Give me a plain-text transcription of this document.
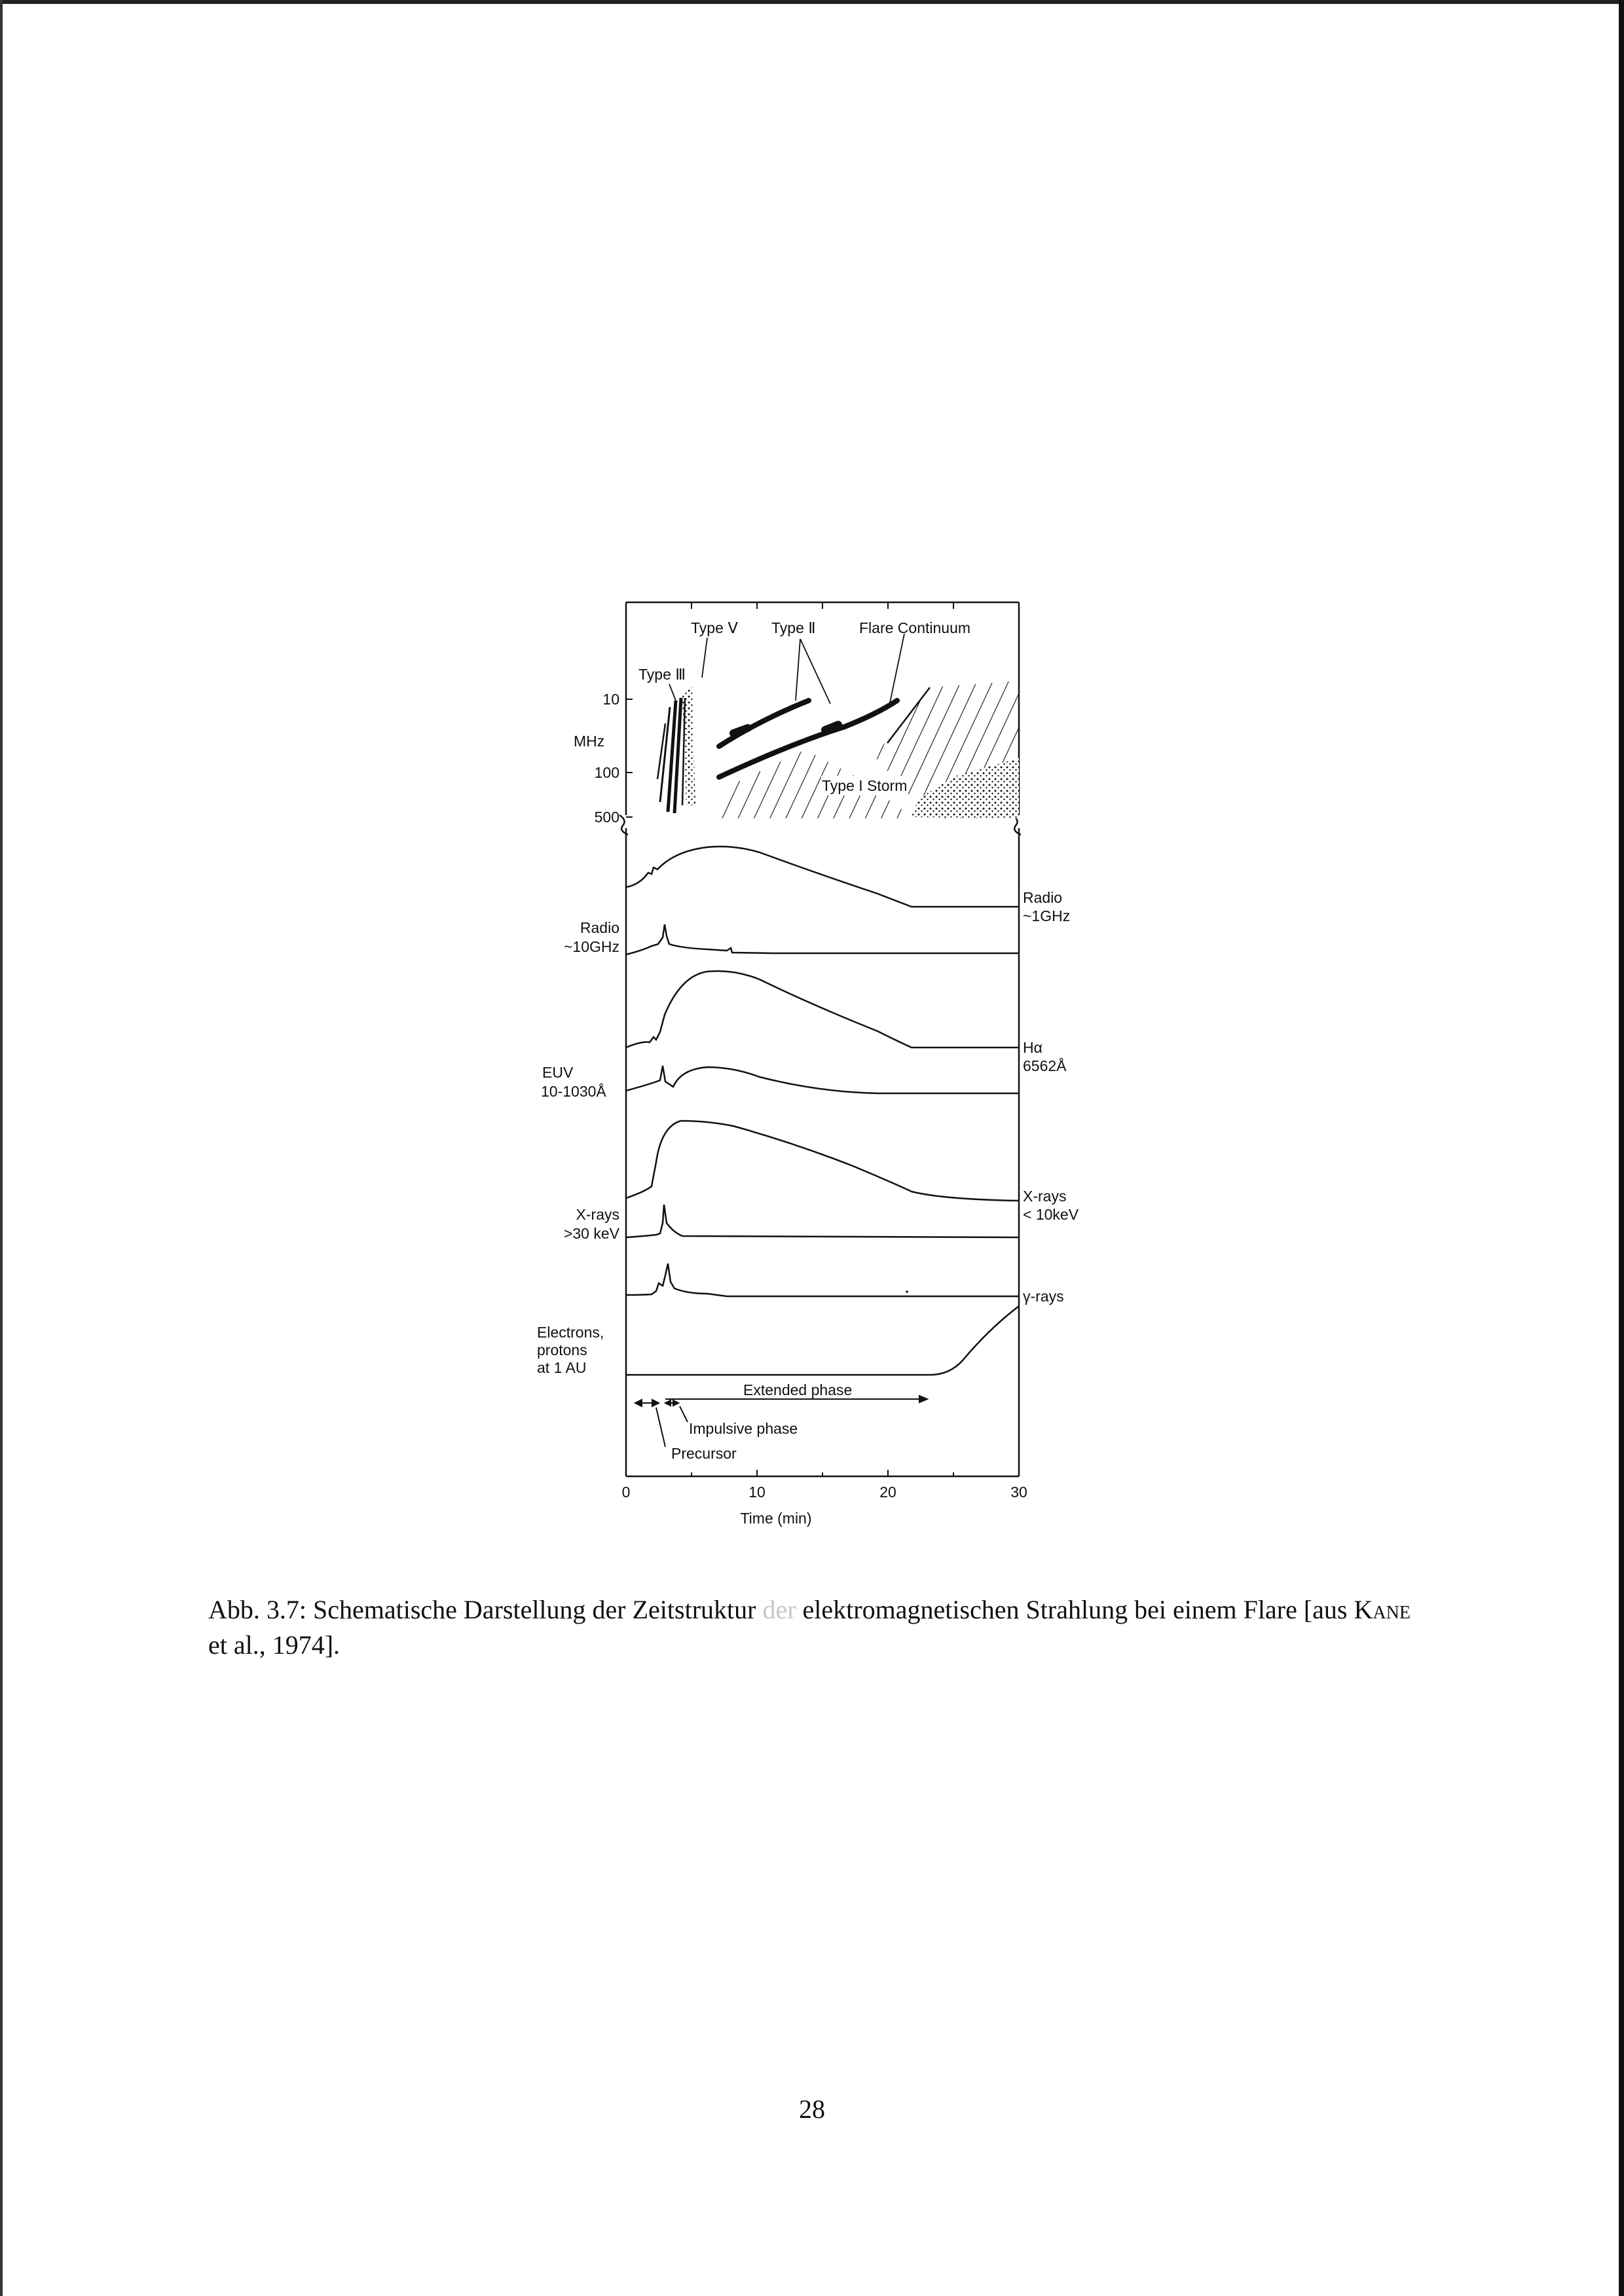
10
100
500
MHz
Type Ⅲ
Type Ⅴ Type Ⅱ	Flare Continuum
Type I Storm
Radio
~10GHz
EUV
10-1030Å
X-rays
>30 keV
Electrons,
protons
at 1 AU
Radio
~1GHz
Hα
6562Å
X-rays
< 10keV
γ-rays
Extended phase
Impulsive phase
Precursor
0	10	20	30
Time (min)
Abb. 3.7: Schematische Darstellung der Zeitstruktur der elektromagnetischen Strahlung bei einem Flare [aus Kane et al., 1974].
28
